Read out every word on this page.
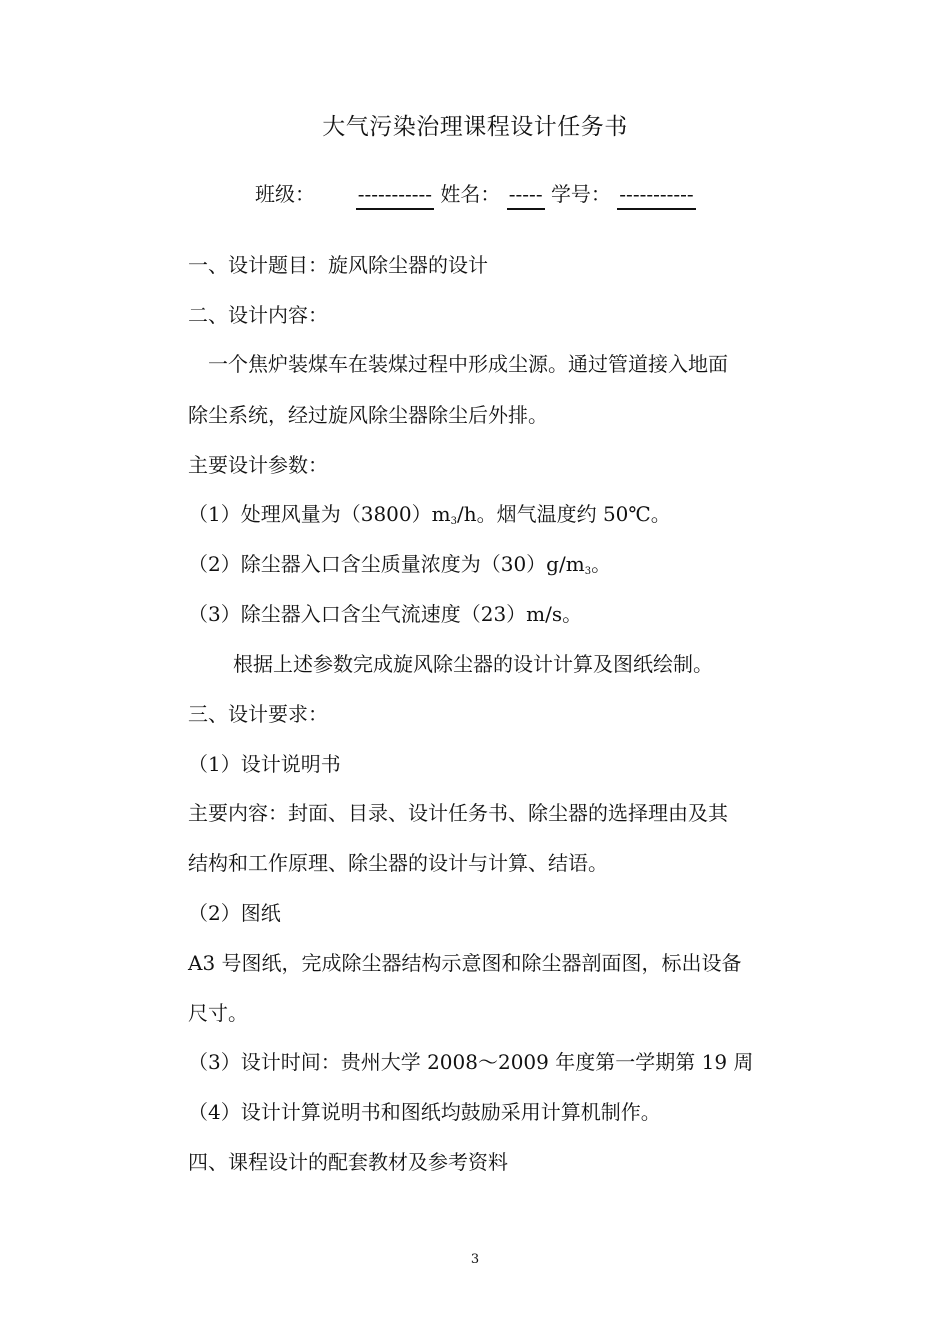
大气污染治理课程设计任务书
班级： ----------- 姓名： ----- 学号： -----------
一、设计题目：旋风除尘器的设计
二、设计内容：
一个焦炉装煤车在装煤过程中形成尘源。通过管道接入地面
除尘系统，经过旋风除尘器除尘后外排。
主要设计参数：
（1）处理风量为（3800）m3/h。烟气温度约 50℃。
（2）除尘器入口含尘质量浓度为（30）g/m3。
（3）除尘器入口含尘气流速度（23）m/s。
根据上述参数完成旋风除尘器的设计计算及图纸绘制。
三、设计要求：
（1）设计说明书
主要内容：封面、目录、设计任务书、除尘器的选择理由及其
结构和工作原理、除尘器的设计与计算、结语。
（2）图纸
A3 号图纸，完成除尘器结构示意图和除尘器剖面图，标出设备
尺寸。
（3）设计时间：贵州大学 2008～2009 年度第一学期第 19 周
（4）设计计算说明书和图纸均鼓励采用计算机制作。
四、课程设计的配套教材及参考资料
3
